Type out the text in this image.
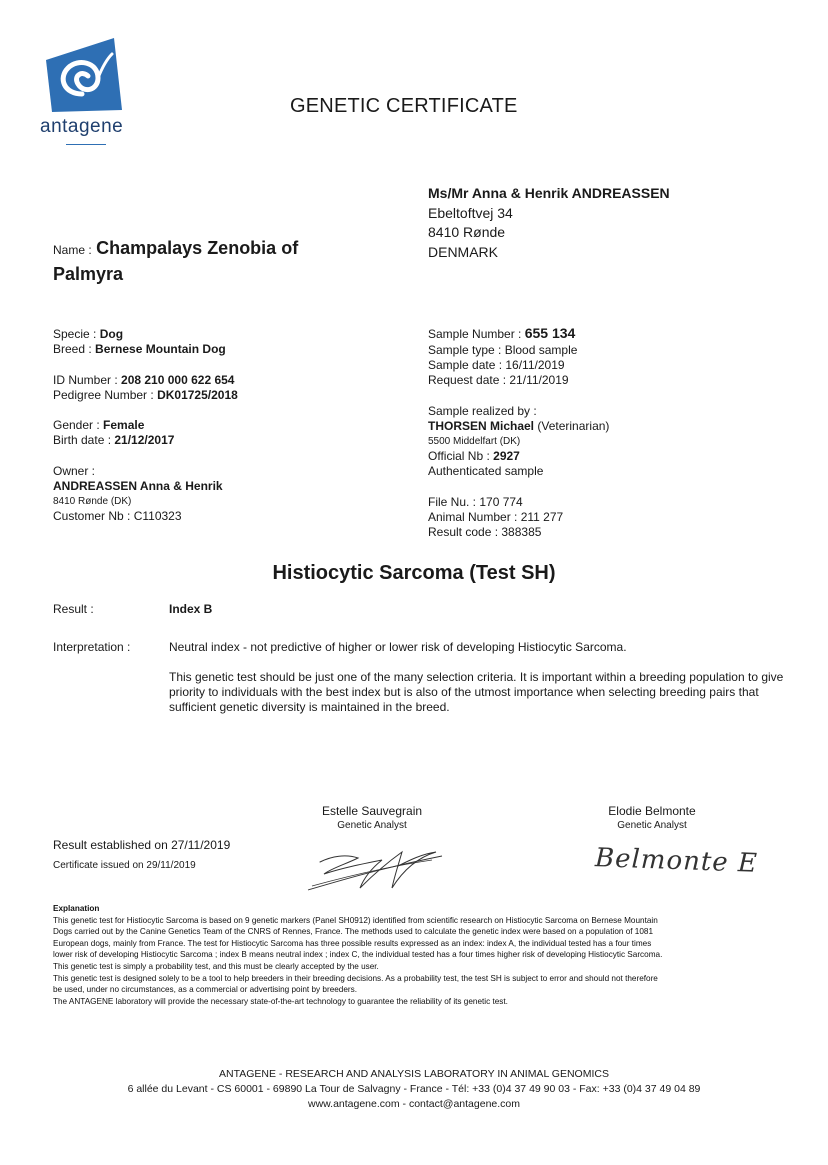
antagene
GENETIC CERTIFICATE
Ms/Mr Anna & Henrik ANDREASSEN
Ebeltoftvej 34
8410 Rønde
DENMARK
Name : Champalays Zenobia of
Palmyra
Specie : Dog
Breed : Bernese Mountain Dog
ID Number : 208 210 000 622 654
Pedigree Number : DK01725/2018
Gender : Female
Birth date : 21/12/2017
Owner :
ANDREASSEN Anna & Henrik
8410 Rønde (DK)
Customer Nb : C110323
Sample Number : 655 134
Sample type : Blood sample
Sample date : 16/11/2019
Request date : 21/11/2019
Sample realized by :
THORSEN Michael (Veterinarian)
5500 Middelfart (DK)
Official Nb : 2927
Authenticated sample
File Nu. : 170 774
Animal Number : 211 277
Result code : 388385
Histiocytic Sarcoma (Test SH)
Result :	Index B
Interpretation :	Neutral index - not predictive of higher or lower risk of developing Histiocytic Sarcoma.
This genetic test should be just one of the many selection criteria. It is important within a breeding population to give priority to individuals with the best index but is also of the utmost importance when selecting breeding pairs that sufficient genetic diversity is maintained in the breed.
Estelle Sauvegrain
Genetic Analyst
Elodie Belmonte
Genetic Analyst
Belmonte E
Result established on 27/11/2019
Certificate issued on 29/11/2019
Explanation
This genetic test for Histiocytic Sarcoma is based on 9 genetic markers (Panel SH0912) identified from scientific research on Histiocytic Sarcoma on Bernese Mountain
Dogs carried out by the Canine Genetics Team of the CNRS of Rennes, France. The methods used to calculate the genetic index were based on a population of 1081
European dogs, mainly from France. The test for Histiocytic Sarcoma has three possible results expressed as an index: index A, the individual tested has a four times
lower risk of developing Histiocytic Sarcoma ; index B means neutral index ; index C, the individual tested has a four times higher risk of developing Histiocytic Sarcoma.
This genetic test is simply a probability test, and this must be clearly accepted by the user.
This genetic test is designed solely to be a tool to help breeders in their breeding decisions. As a probability test, the test SH is subject to error and should not therefore
be used, under no circumstances, as a commercial or advertising point by breeders.
The ANTAGENE laboratory will provide the necessary state-of-the-art technology to guarantee the reliability of its genetic test.
ANTAGENE - RESEARCH AND ANALYSIS LABORATORY IN ANIMAL GENOMICS
6 allée du Levant - CS 60001 - 69890 La Tour de Salvagny - France - Tél: +33 (0)4 37 49 90 03 - Fax: +33 (0)4 37 49 04 89
www.antagene.com - contact@antagene.com
